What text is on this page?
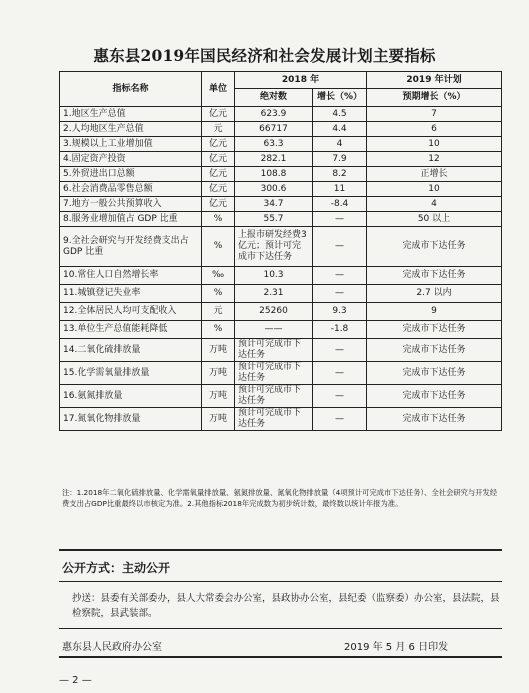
惠东县2019年国民经济和社会发展计划主要指标
指标名称	单位	2018 年		2019 年计划
		绝对数	增长（%）	预期增长（%）
1.地区生产总值	亿元	623.9	4.5	7
2.人均地区生产总值	元	66717	4.4	6
3.规模以上工业增加值	亿元	63.3	4	10
4.固定资产投资	亿元	282.1	7.9	12
5.外贸进出口总额	亿元	108.8	8.2	正增长
6.社会消费品零售总额	亿元	300.6	11	10
7.地方一般公共预算收入	亿元	34.7	-8.4	4
8.服务业增加值占 GDP 比重	%	55.7	—	50 以上
9.全社会研究与开发经费支出占 GDP 比重	%	上报市研发经费3亿元；预计可完成市下达任务	—	完成市下达任务
10.常住人口自然增长率	‰	10.3	—	完成市下达任务
11.城镇登记失业率	%	2.31	—	2.7 以内
12.全体居民人均可支配收入	元	25260	9.3	9
13.单位生产总值能耗降低	%	——	-1.8	完成市下达任务
14.二氧化硫排放量	万吨	预计可完成市下达任务	—	完成市下达任务
15.化学需氧量排放量	万吨	预计可完成市下达任务	—	完成市下达任务
16.氨氮排放量	万吨	预计可完成市下达任务	—	完成市下达任务
17.氮氧化物排放量	万吨	预计可完成市下达任务	—	完成市下达任务
注：1.2018年二氧化硫排放量、化学需氧量排放量、氨氮排放量、氮氧化物排放量（4项预计可完成市下达任务）、全社会研究与开发经费支出占GDP比重最终以市核定为准。2.其他指标2018年完成数为初步统计数，最终数以统计年报为准。
公开方式：主动公开
抄送：县委有关部委办，县人大常委会办公室，县政协办公室，县纪委（监察委）办公室，县法院，县检察院，县武装部。
惠东县人民政府办公室	2019 年 5 月 6 日印发
— 2 —
